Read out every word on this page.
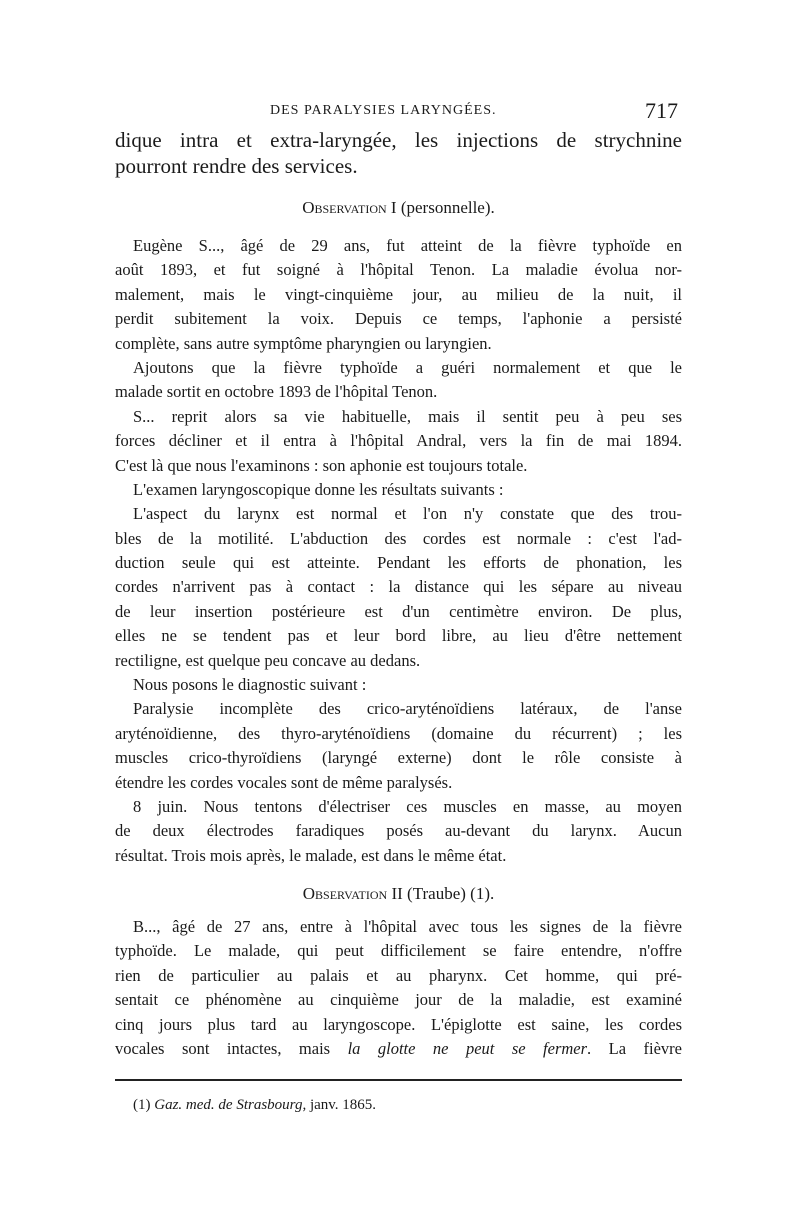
DES PARALYSIES LARYNGÉES.	717
dique intra et extra-laryngée, les injections de strychnine
pourront rendre des services.

Observation I (personnelle).

Eugène S..., âgé de 29 ans, fut atteint de la fièvre typhoïde en
août 1893, et fut soigné à l'hôpital Tenon. La maladie évolua nor-
malement, mais le vingt-cinquième jour, au milieu de la nuit, il
perdit subitement la voix. Depuis ce temps, l'aphonie a persisté
complète, sans autre symptôme pharyngien ou laryngien.
Ajoutons que la fièvre typhoïde a guéri normalement et que le
malade sortit en octobre 1893 de l'hôpital Tenon.
S... reprit alors sa vie habituelle, mais il sentit peu à peu ses
forces décliner et il entra à l'hôpital Andral, vers la fin de mai 1894.
C'est là que nous l'examinons : son aphonie est toujours totale.
L'examen laryngoscopique donne les résultats suivants :
L'aspect du larynx est normal et l'on n'y constate que des trou-
bles de la motilité. L'abduction des cordes est normale : c'est l'ad-
duction seule qui est atteinte. Pendant les efforts de phonation, les
cordes n'arrivent pas à contact : la distance qui les sépare au niveau
de leur insertion postérieure est d'un centimètre environ. De plus,
elles ne se tendent pas et leur bord libre, au lieu d'être nettement
rectiligne, est quelque peu concave au dedans.
Nous posons le diagnostic suivant :
Paralysie incomplète des crico-aryténoïdiens latéraux, de l'anse
aryténoïdienne, des thyro-aryténoïdiens (domaine du récurrent) ; les
muscles crico-thyroïdiens (laryngé externe) dont le rôle consiste à
étendre les cordes vocales sont de même paralysés.
8 juin. Nous tentons d'électriser ces muscles en masse, au moyen
de deux électrodes faradiques posés au-devant du larynx. Aucun
résultat. Trois mois après, le malade, est dans le même état.

Observation II (Traube) (1).

B..., âgé de 27 ans, entre à l'hôpital avec tous les signes de la fièvre
typhoïde. Le malade, qui peut difficilement se faire entendre, n'offre
rien de particulier au palais et au pharynx. Cet homme, qui pré-
sentait ce phénomène au cinquième jour de la maladie, est examiné
cinq jours plus tard au laryngoscope. L'épiglotte est saine, les cordes
vocales sont intactes, mais la glotte ne peut se fermer. La fièvre
(1) Gaz. med. de Strasbourg, janv. 1865.
